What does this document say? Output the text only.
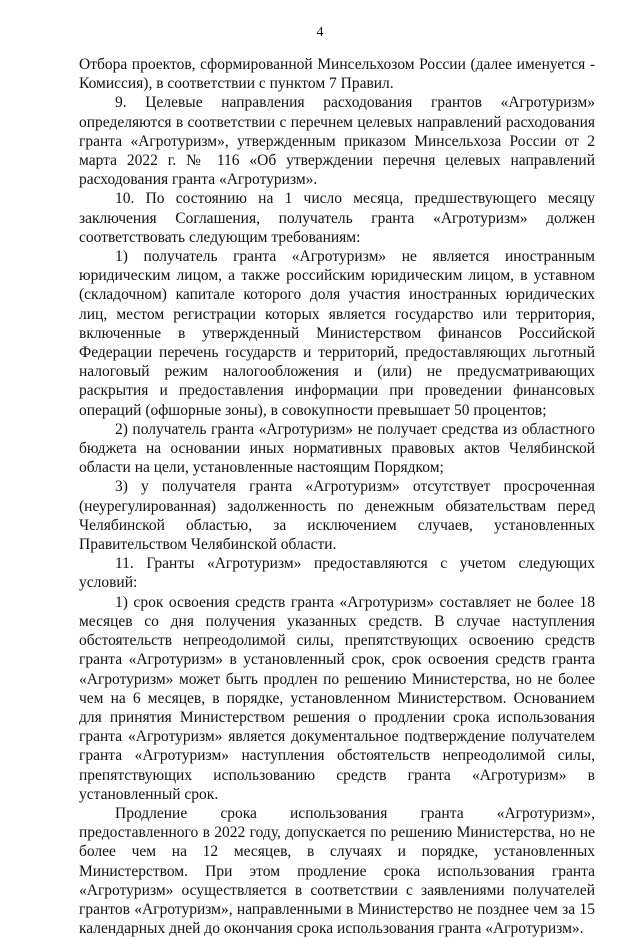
4

Отбора проектов, сформированной Минсельхозом России (далее именуется - Комиссия), в соответствии с пунктом 7 Правил.

9. Целевые направления расходования грантов «Агротуризм» определяются в соответствии с перечнем целевых направлений расходования гранта «Агротуризм», утвержденным приказом Минсельхоза России от 2 марта 2022 г. № 116 «Об утверждении перечня целевых направлений расходования гранта «Агротуризм».

10. По состоянию на 1 число месяца, предшествующего месяцу заключения Соглашения, получатель гранта «Агротуризм» должен соответствовать следующим требованиям:

1) получатель гранта «Агротуризм» не является иностранным юридическим лицом, а также российским юридическим лицом, в уставном (складочном) капитале которого доля участия иностранных юридических лиц, местом регистрации которых является государство или территория, включенные в утвержденный Министерством финансов Российской Федерации перечень государств и территорий, предоставляющих льготный налоговый режим налогообложения и (или) не предусматривающих раскрытия и предоставления информации при проведении финансовых операций (офшорные зоны), в совокупности превышает 50 процентов;

2) получатель гранта «Агротуризм» не получает средства из областного бюджета на основании иных нормативных правовых актов Челябинской области на цели, установленные настоящим Порядком;

3) у получателя гранта «Агротуризм» отсутствует просроченная (неурегулированная) задолженность по денежным обязательствам перед Челябинской областью, за исключением случаев, установленных Правительством Челябинской области.

11. Гранты «Агротуризм» предоставляются с учетом следующих условий:

1) срок освоения средств гранта «Агротуризм» составляет не более 18 месяцев со дня получения указанных средств. В случае наступления обстоятельств непреодолимой силы, препятствующих освоению средств гранта «Агротуризм» в установленный срок, срок освоения средств гранта «Агротуризм» может быть продлен по решению Министерства, но не более чем на 6 месяцев, в порядке, установленном Министерством. Основанием для принятия Министерством решения о продлении срока использования гранта «Агротуризм» является документальное подтверждение получателем гранта «Агротуризм» наступления обстоятельств непреодолимой силы, препятствующих использованию средств гранта «Агротуризм» в установленный срок.

Продление срока использования гранта «Агротуризм», предоставленного в 2022 году, допускается по решению Министерства, но не более чем на 12 месяцев, в случаях и порядке, установленных Министерством. При этом продление срока использования гранта «Агротуризм» осуществляется в соответствии с заявлениями получателей грантов «Агротуризм», направленными в Министерство не позднее чем за 15 календарных дней до окончания срока использования гранта «Агротуризм».
